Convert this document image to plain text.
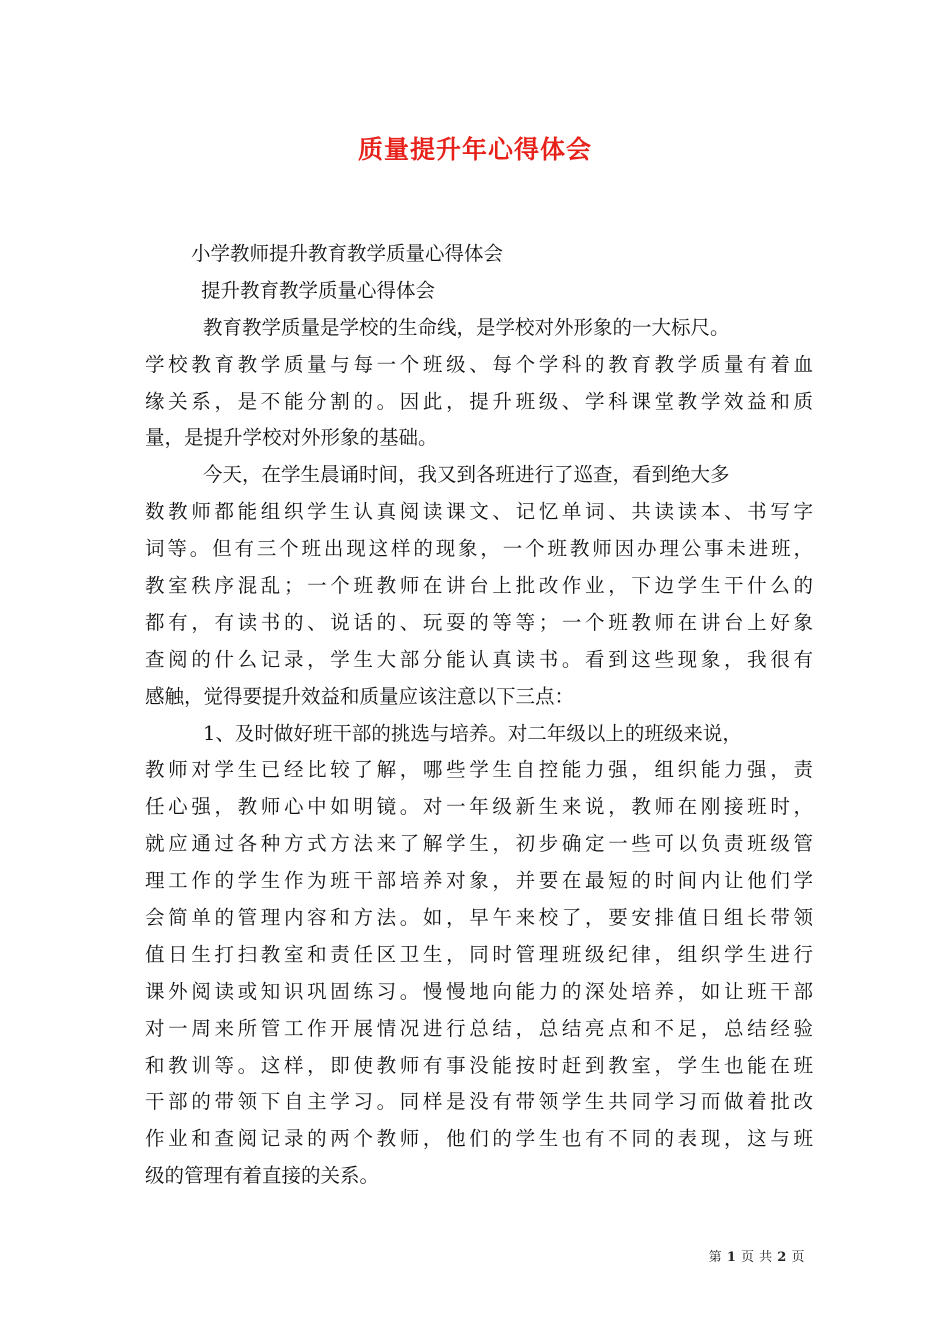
质量提升年心得体会
小学教师提升教育教学质量心得体会
提升教育教学质量心得体会
教育教学质量是学校的生命线，是学校对外形象的一大标尺。
学校教育教学质量与每一个班级、每个学科的教育教学质量有着血
缘关系，是不能分割的。因此，提升班级、学科课堂教学效益和质
量，是提升学校对外形象的基础。
今天，在学生晨诵时间，我又到各班进行了巡查，看到绝大多
数教师都能组织学生认真阅读课文、记忆单词、共读读本、书写字
词等。但有三个班出现这样的现象，一个班教师因办理公事未进班，
教室秩序混乱；一个班教师在讲台上批改作业，下边学生干什么的
都有，有读书的、说话的、玩耍的等等；一个班教师在讲台上好象
查阅的什么记录，学生大部分能认真读书。看到这些现象，我很有
感触，觉得要提升效益和质量应该注意以下三点：
1、及时做好班干部的挑选与培养。对二年级以上的班级来说，
教师对学生已经比较了解，哪些学生自控能力强，组织能力强，责
任心强，教师心中如明镜。对一年级新生来说，教师在刚接班时，
就应通过各种方式方法来了解学生，初步确定一些可以负责班级管
理工作的学生作为班干部培养对象，并要在最短的时间内让他们学
会简单的管理内容和方法。如，早午来校了，要安排值日组长带领
值日生打扫教室和责任区卫生，同时管理班级纪律，组织学生进行
课外阅读或知识巩固练习。慢慢地向能力的深处培养，如让班干部
对一周来所管工作开展情况进行总结，总结亮点和不足，总结经验
和教训等。这样，即使教师有事没能按时赶到教室，学生也能在班
干部的带领下自主学习。同样是没有带领学生共同学习而做着批改
作业和查阅记录的两个教师，他们的学生也有不同的表现，这与班
级的管理有着直接的关系。
第 1 页 共 2 页
